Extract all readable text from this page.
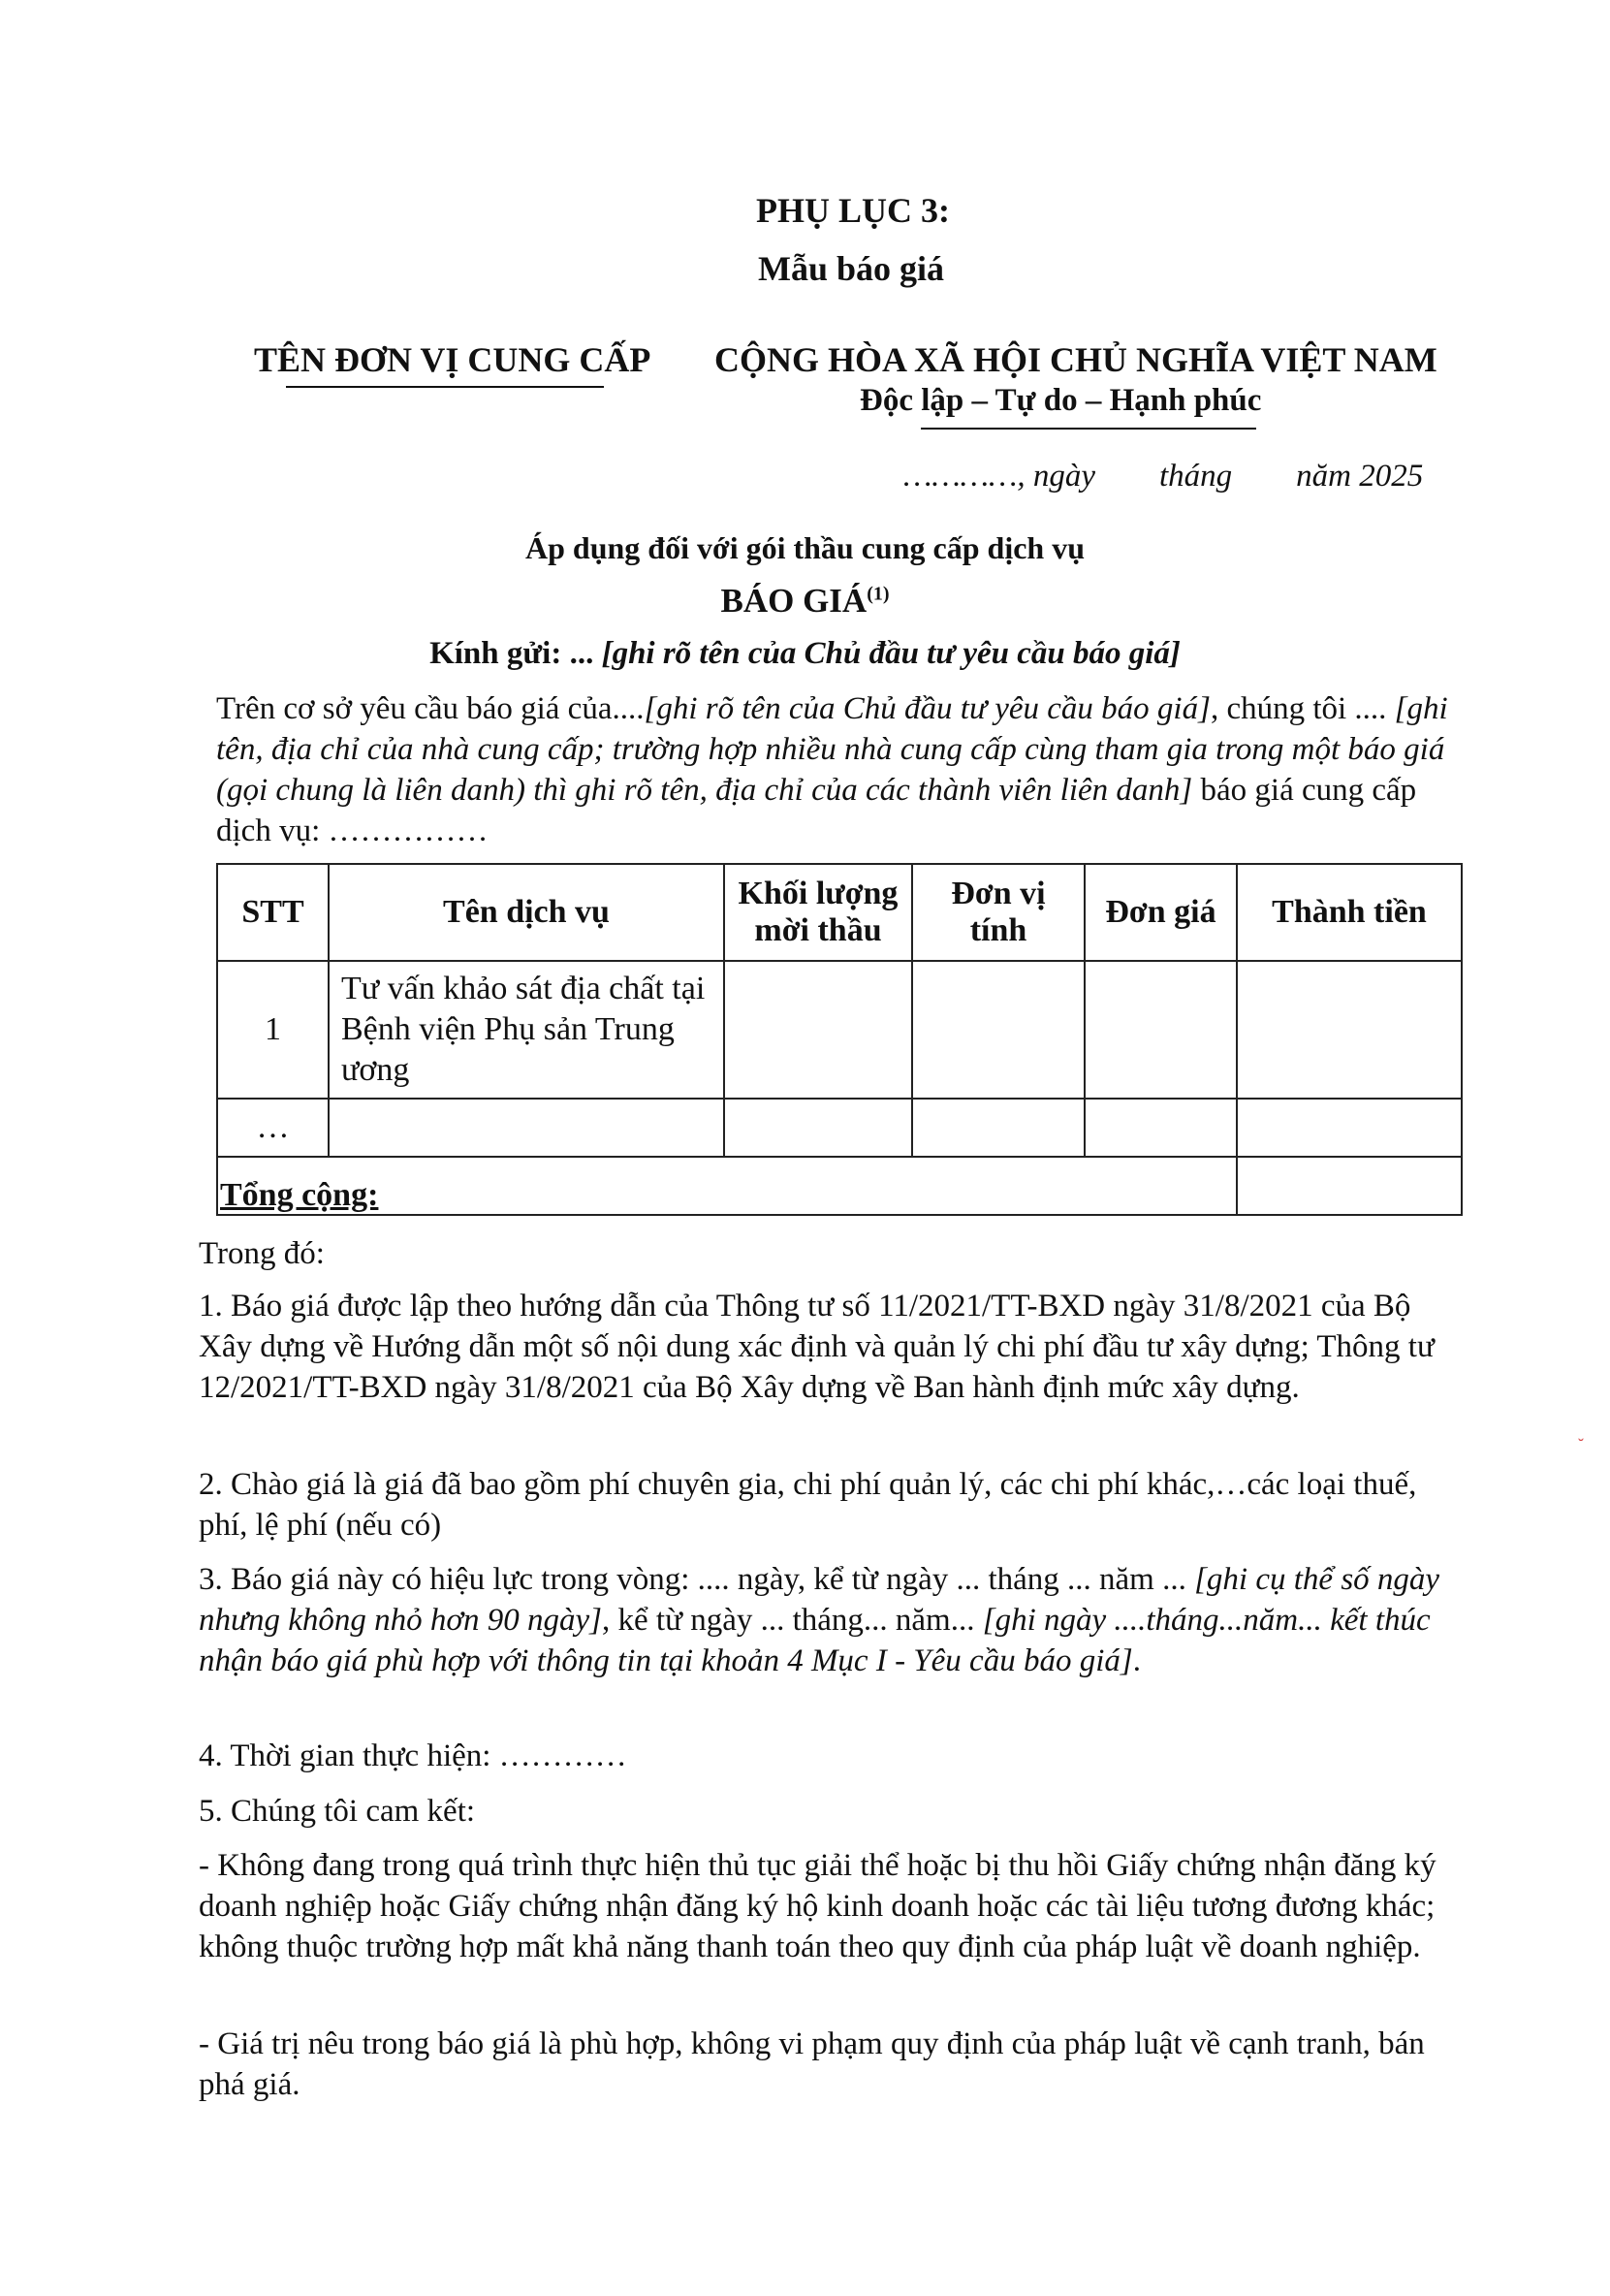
PHỤ LỤC 3:
Mẫu báo giá
TÊN ĐƠN VỊ CUNG CẤP CỘNG HÒA XÃ HỘI CHỦ NGHĨA VIỆT NAM
Độc lập – Tự do – Hạnh phúc
…………, ngày        tháng        năm 2025
Áp dụng đối với gói thầu cung cấp dịch vụ
BÁO GIÁ$^{(1)}$
Kính gửi: ... [ghi rõ tên của Chủ đầu tư yêu cầu báo giá]
Trên cơ sở yêu cầu báo giá của....[ghi rõ tên của Chủ đầu tư yêu cầu báo giá], chúng tôi .... [ghi tên, địa chỉ của nhà cung cấp; trường hợp nhiều nhà cung cấp cùng tham gia trong một báo giá (gọi chung là liên danh) thì ghi rõ tên, địa chỉ của các thành viên liên danh] báo giá cung cấp dịch vụ: ……………
STT	Tên dịch vụ	Khối lượng mời thầu	Đơn vị tính	Đơn giá	Thành tiền
1	Tư vấn khảo sát địa chất tại Bệnh viện Phụ sản Trung ương				
…					
Tổng cộng:					
Trong đó:
1. Báo giá được lập theo hướng dẫn của Thông tư số 11/2021/TT-BXD ngày 31/8/2021 của Bộ Xây dựng về Hướng dẫn một số nội dung xác định và quản lý chi phí đầu tư xây dựng; Thông tư 12/2021/TT-BXD ngày 31/8/2021 của Bộ Xây dựng về Ban hành định mức xây dựng.
2. Chào giá là giá đã bao gồm phí chuyên gia, chi phí quản lý, các chi phí khác,…các loại thuế, phí, lệ phí (nếu có)
3. Báo giá này có hiệu lực trong vòng: .... ngày, kể từ ngày ... tháng ... năm ... [ghi cụ thể số ngày nhưng không nhỏ hơn 90 ngày], kể từ ngày ... tháng... năm... [ghi ngày ....tháng...năm... kết thúc nhận báo giá phù hợp với thông tin tại khoản 4 Mục I - Yêu cầu báo giá].
4. Thời gian thực hiện: …………
5. Chúng tôi cam kết:
- Không đang trong quá trình thực hiện thủ tục giải thể hoặc bị thu hồi Giấy chứng nhận đăng ký doanh nghiệp hoặc Giấy chứng nhận đăng ký hộ kinh doanh hoặc các tài liệu tương đương khác; không thuộc trường hợp mất khả năng thanh toán theo quy định của pháp luật về doanh nghiệp.
- Giá trị nêu trong báo giá là phù hợp, không vi phạm quy định của pháp luật về cạnh tranh, bán phá giá.
˘
